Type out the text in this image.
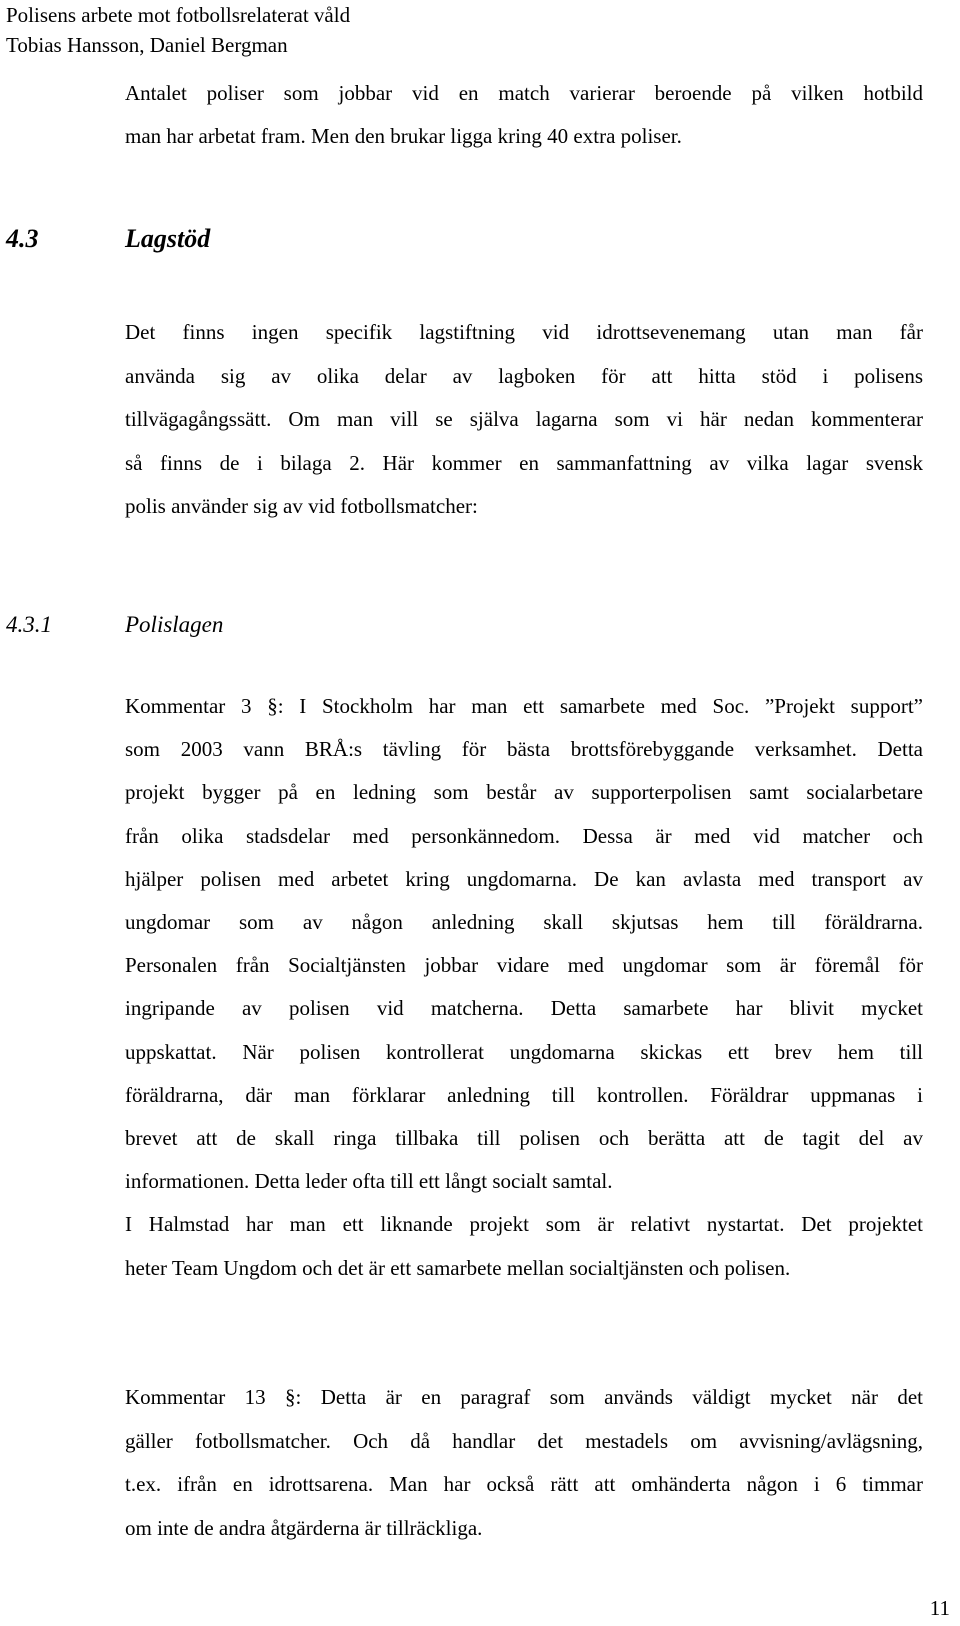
Polisens arbete mot fotbollsrelaterat våld
Tobias Hansson, Daniel Bergman
Antalet poliser som jobbar vid en match varierar beroende på vilken hotbild
man har arbetat fram. Men den brukar ligga kring 40 extra poliser.
4.3	Lagstöd
Det finns ingen specifik lagstiftning vid idrottsevenemang utan man får
använda sig av olika delar av lagboken för att hitta stöd i polisens
tillvägagångssätt. Om man vill se själva lagarna som vi här nedan kommenterar
så finns de i bilaga 2. Här kommer en sammanfattning av vilka lagar svensk
polis använder sig av vid fotbollsmatcher:
4.3.1	Polislagen
Kommentar 3 §: I Stockholm har man ett samarbete med Soc. ”Projekt support”
som 2003 vann BRÅ:s tävling för bästa brottsförebyggande verksamhet. Detta
projekt bygger på en ledning som består av supporterpolisen samt socialarbetare
från olika stadsdelar med personkännedom. Dessa är med vid matcher och
hjälper polisen med arbetet kring ungdomarna. De kan avlasta med transport av
ungdomar som av någon anledning skall skjutsas hem till föräldrarna.
Personalen från Socialtjänsten jobbar vidare med ungdomar som är föremål för
ingripande av polisen vid matcherna. Detta samarbete har blivit mycket
uppskattat. När polisen kontrollerat ungdomarna skickas ett brev hem till
föräldrarna, där man förklarar anledning till kontrollen. Föräldrar uppmanas i
brevet att de skall ringa tillbaka till polisen och berätta att de tagit del av
informationen. Detta leder ofta till ett långt socialt samtal.
I Halmstad har man ett liknande projekt som är relativt nystartat. Det projektet
heter Team Ungdom och det är ett samarbete mellan socialtjänsten och polisen.
Kommentar 13 §: Detta är en paragraf som används väldigt mycket när det
gäller fotbollsmatcher. Och då handlar det mestadels om avvisning/avlägsning,
t.ex. ifrån en idrottsarena. Man har också rätt att omhänderta någon i 6 timmar
om inte de andra åtgärderna är tillräckliga.
11
